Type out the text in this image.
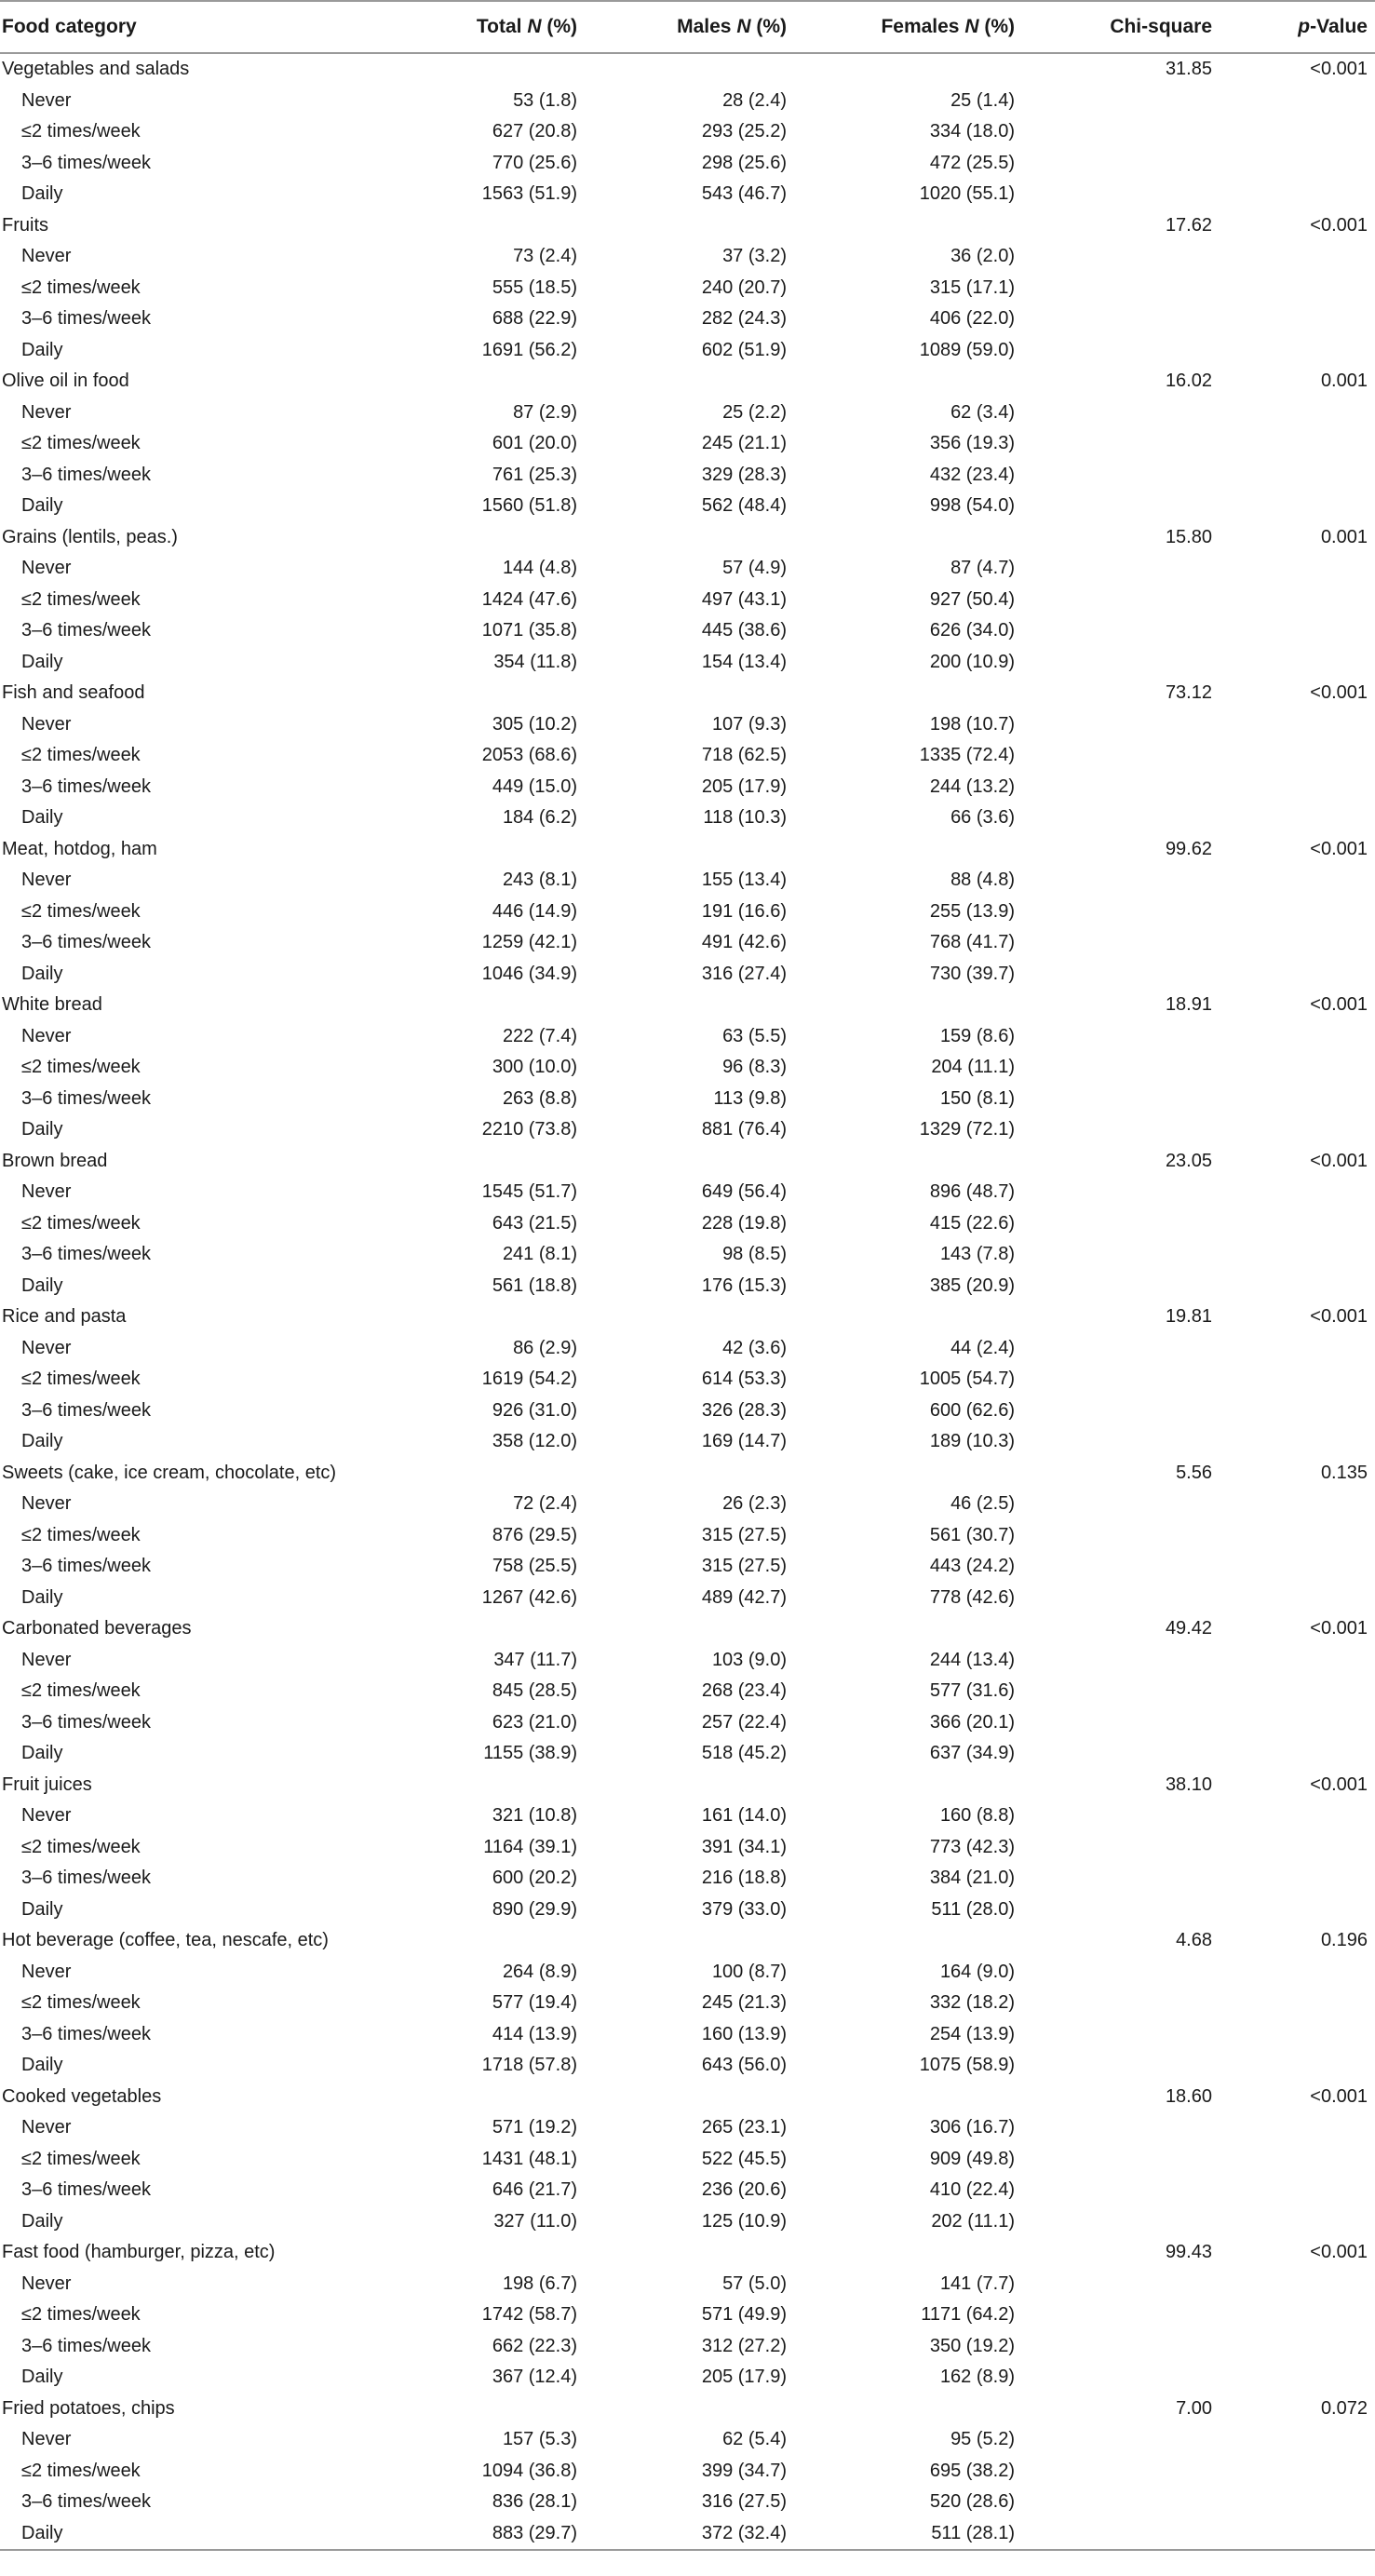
Food category	Total N (%)	Males N (%)	Females N (%)	Chi-square	p-Value
Vegetables and salads				31.85	<0.001
Never	53 (1.8)	28 (2.4)	25 (1.4)		
≤2 times/week	627 (20.8)	293 (25.2)	334 (18.0)		
3–6 times/week	770 (25.6)	298 (25.6)	472 (25.5)		
Daily	1563 (51.9)	543 (46.7)	1020 (55.1)		
Fruits				17.62	<0.001
Never	73 (2.4)	37 (3.2)	36 (2.0)		
≤2 times/week	555 (18.5)	240 (20.7)	315 (17.1)		
3–6 times/week	688 (22.9)	282 (24.3)	406 (22.0)		
Daily	1691 (56.2)	602 (51.9)	1089 (59.0)		
Olive oil in food				16.02	0.001
Never	87 (2.9)	25 (2.2)	62 (3.4)		
≤2 times/week	601 (20.0)	245 (21.1)	356 (19.3)		
3–6 times/week	761 (25.3)	329 (28.3)	432 (23.4)		
Daily	1560 (51.8)	562 (48.4)	998 (54.0)		
Grains (lentils, peas.)				15.80	0.001
Never	144 (4.8)	57 (4.9)	87 (4.7)		
≤2 times/week	1424 (47.6)	497 (43.1)	927 (50.4)		
3–6 times/week	1071 (35.8)	445 (38.6)	626 (34.0)		
Daily	354 (11.8)	154 (13.4)	200 (10.9)		
Fish and seafood				73.12	<0.001
Never	305 (10.2)	107 (9.3)	198 (10.7)		
≤2 times/week	2053 (68.6)	718 (62.5)	1335 (72.4)		
3–6 times/week	449 (15.0)	205 (17.9)	244 (13.2)		
Daily	184 (6.2)	118 (10.3)	66 (3.6)		
Meat, hotdog, ham				99.62	<0.001
Never	243 (8.1)	155 (13.4)	88 (4.8)		
≤2 times/week	446 (14.9)	191 (16.6)	255 (13.9)		
3–6 times/week	1259 (42.1)	491 (42.6)	768 (41.7)		
Daily	1046 (34.9)	316 (27.4)	730 (39.7)		
White bread				18.91	<0.001
Never	222 (7.4)	63 (5.5)	159 (8.6)		
≤2 times/week	300 (10.0)	96 (8.3)	204 (11.1)		
3–6 times/week	263 (8.8)	113 (9.8)	150 (8.1)		
Daily	2210 (73.8)	881 (76.4)	1329 (72.1)		
Brown bread				23.05	<0.001
Never	1545 (51.7)	649 (56.4)	896 (48.7)		
≤2 times/week	643 (21.5)	228 (19.8)	415 (22.6)		
3–6 times/week	241 (8.1)	98 (8.5)	143 (7.8)		
Daily	561 (18.8)	176 (15.3)	385 (20.9)		
Rice and pasta				19.81	<0.001
Never	86 (2.9)	42 (3.6)	44 (2.4)		
≤2 times/week	1619 (54.2)	614 (53.3)	1005 (54.7)		
3–6 times/week	926 (31.0)	326 (28.3)	600 (62.6)		
Daily	358 (12.0)	169 (14.7)	189 (10.3)		
Sweets (cake, ice cream, chocolate, etc)				5.56	0.135
Never	72 (2.4)	26 (2.3)	46 (2.5)		
≤2 times/week	876 (29.5)	315 (27.5)	561 (30.7)		
3–6 times/week	758 (25.5)	315 (27.5)	443 (24.2)		
Daily	1267 (42.6)	489 (42.7)	778 (42.6)		
Carbonated beverages				49.42	<0.001
Never	347 (11.7)	103 (9.0)	244 (13.4)		
≤2 times/week	845 (28.5)	268 (23.4)	577 (31.6)		
3–6 times/week	623 (21.0)	257 (22.4)	366 (20.1)		
Daily	1155 (38.9)	518 (45.2)	637 (34.9)		
Fruit juices				38.10	<0.001
Never	321 (10.8)	161 (14.0)	160 (8.8)		
≤2 times/week	1164 (39.1)	391 (34.1)	773 (42.3)		
3–6 times/week	600 (20.2)	216 (18.8)	384 (21.0)		
Daily	890 (29.9)	379 (33.0)	511 (28.0)		
Hot beverage (coffee, tea, nescafe, etc)				4.68	0.196
Never	264 (8.9)	100 (8.7)	164 (9.0)		
≤2 times/week	577 (19.4)	245 (21.3)	332 (18.2)		
3–6 times/week	414 (13.9)	160 (13.9)	254 (13.9)		
Daily	1718 (57.8)	643 (56.0)	1075 (58.9)		
Cooked vegetables				18.60	<0.001
Never	571 (19.2)	265 (23.1)	306 (16.7)		
≤2 times/week	1431 (48.1)	522 (45.5)	909 (49.8)		
3–6 times/week	646 (21.7)	236 (20.6)	410 (22.4)		
Daily	327 (11.0)	125 (10.9)	202 (11.1)		
Fast food (hamburger, pizza, etc)				99.43	<0.001
Never	198 (6.7)	57 (5.0)	141 (7.7)		
≤2 times/week	1742 (58.7)	571 (49.9)	1171 (64.2)		
3–6 times/week	662 (22.3)	312 (27.2)	350 (19.2)		
Daily	367 (12.4)	205 (17.9)	162 (8.9)		
Fried potatoes, chips				7.00	0.072
Never	157 (5.3)	62 (5.4)	95 (5.2)		
≤2 times/week	1094 (36.8)	399 (34.7)	695 (38.2)		
3–6 times/week	836 (28.1)	316 (27.5)	520 (28.6)		
Daily	883 (29.7)	372 (32.4)	511 (28.1)		
